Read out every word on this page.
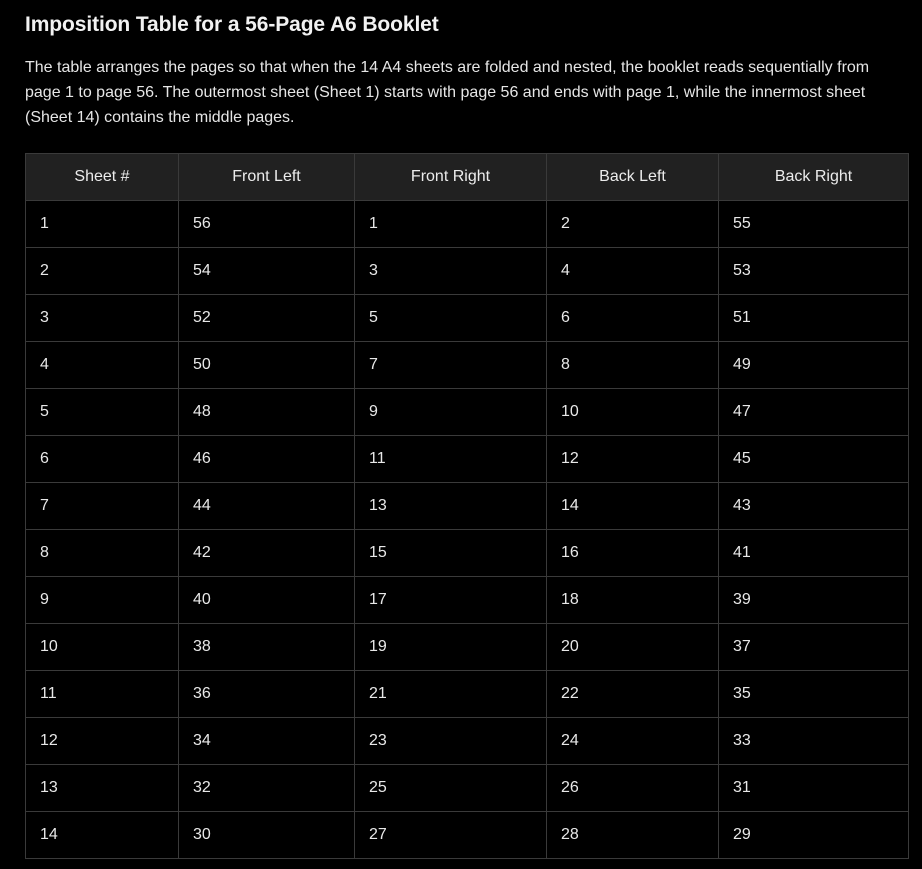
Imposition Table for a 56-Page A6 Booklet

The table arranges the pages so that when the 14 A4 sheets are folded and nested, the booklet reads sequentially from page 1 to page 56. The outermost sheet (Sheet 1) starts with page 56 and ends with page 1, while the innermost sheet (Sheet 14) contains the middle pages.

Sheet #	Front Left	Front Right	Back Left	Back Right
1	56	1	2	55
2	54	3	4	53
3	52	5	6	51
4	50	7	8	49
5	48	9	10	47
6	46	11	12	45
7	44	13	14	43
8	42	15	16	41
9	40	17	18	39
10	38	19	20	37
11	36	21	22	35
12	34	23	24	33
13	32	25	26	31
14	30	27	28	29
